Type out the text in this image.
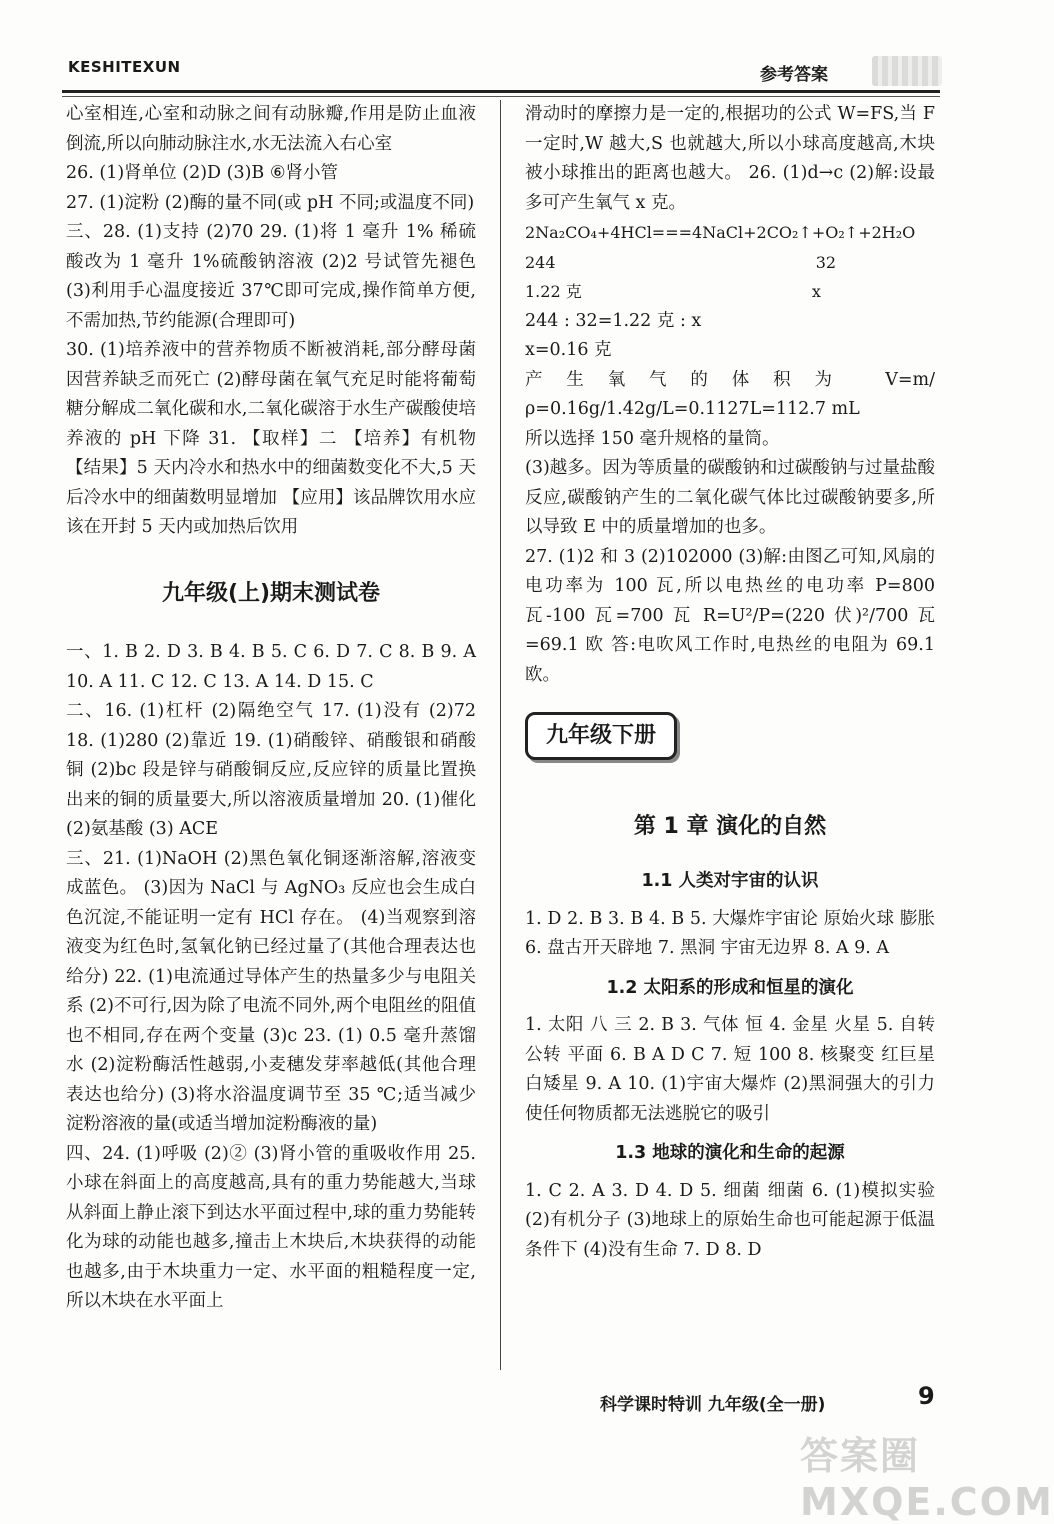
KESHITEXUN	参考答案

心室相连,心室和动脉之间有动脉瓣,作用是防止血液倒流,所以向肺动脉注水,水无法流入右心室

26. (1)肾单位 (2)D (3)B ⑥肾小管

27. (1)淀粉 (2)酶的量不同(或 pH 不同;或温度不同)

三、28. (1)支持 (2)70 29. (1)将 1 毫升 1% 稀硫酸改为 1 毫升 1%硫酸钠溶液 (2)2 号试管先褪色 (3)利用手心温度接近 37℃即可完成,操作简单方便,不需加热,节约能源(合理即可)

30. (1)培养液中的营养物质不断被消耗,部分酵母菌因营养缺乏而死亡 (2)酵母菌在氧气充足时能将葡萄糖分解成二氧化碳和水,二氧化碳溶于水生产碳酸使培养液的 pH 下降 31. 【取样】二 【培养】有机物 【结果】5 天内冷水和热水中的细菌数变化不大,5 天后冷水中的细菌数明显增加 【应用】该品牌饮用水应该在开封 5 天内或加热后饮用

九年级(上)期末测试卷

一、1. B 2. D 3. B 4. B 5. C 6. D 7. C 8. B 9. A 10. A 11. C 12. C 13. A 14. D 15. C

二、16. (1)杠杆 (2)隔绝空气 17. (1)没有 (2)72 18. (1)280 (2)靠近 19. (1)硝酸锌、硝酸银和硝酸铜 (2)bc 段是锌与硝酸铜反应,反应锌的质量比置换出来的铜的质量要大,所以溶液质量增加 20. (1)催化 (2)氨基酸 (3) ACE

三、21. (1)NaOH (2)黑色氧化铜逐渐溶解,溶液变成蓝色。 (3)因为 NaCl 与 AgNO₃ 反应也会生成白色沉淀,不能证明一定有 HCl 存在。 (4)当观察到溶液变为红色时,氢氧化钠已经过量了(其他合理表达也给分) 22. (1)电流通过导体产生的热量多少与电阻关系 (2)不可行,因为除了电流不同外,两个电阻丝的阻值也不相同,存在两个变量 (3)c 23. (1) 0.5 毫升蒸馏水 (2)淀粉酶活性越弱,小麦穗发芽率越低(其他合理表达也给分) (3)将水浴温度调节至 35 ℃;适当减少淀粉溶液的量(或适当增加淀粉酶液的量)

四、24. (1)呼吸 (2)② (3)肾小管的重吸收作用 25. 小球在斜面上的高度越高,具有的重力势能越大,当球从斜面上静止滚下到达水平面过程中,球的重力势能转化为球的动能也越多,撞击上木块后,木块获得的动能也越多,由于木块重力一定、水平面的粗糙程度一定,所以木块在水平面上

滑动时的摩擦力是一定的,根据功的公式 W=FS,当 F 一定时,W 越大,S 也就越大,所以小球高度越高,木块被小球推出的距离也越大。 26. (1)d→c (2)解:设最多可产生氧气 x 克。

2Na₂CO₄+4HCl===4NaCl+2CO₂↑+O₂↑+2H₂O

244	32

1.22 克	x

244 : 32=1.22 克 : x

x=0.16 克

产生氧气的体积为 V=m/ρ=0.16g/1.42g/L=0.1127L=112.7 mL

所以选择 150 毫升规格的量筒。

(3)越多。因为等质量的碳酸钠和过碳酸钠与过量盐酸反应,碳酸钠产生的二氧化碳气体比过碳酸钠要多,所以导致 E 中的质量增加的也多。

27. (1)2 和 3 (2)102000 (3)解:由图乙可知,风扇的电功率为 100 瓦,所以电热丝的电功率 P=800 瓦-100 瓦=700 瓦 R=U²/P=(220 伏)²/700 瓦=69.1 欧 答:电吹风工作时,电热丝的电阻为 69.1 欧。

九年级下册
第 1 章 演化的自然
1.1 人类对宇宙的认识

1. D 2. B 3. B 4. B 5. 大爆炸宇宙论 原始火球 膨胀 6. 盘古开天辟地 7. 黑洞 宇宙无边界 8. A 9. A

1.2 太阳系的形成和恒星的演化

1. 太阳 八 三 2. B 3. 气体 恒 4. 金星 火星 5. 自转 公转 平面 6. B A D C 7. 短 100 8. 核聚变 红巨星 白矮星 9. A 10. (1)宇宙大爆炸 (2)黑洞强大的引力使任何物质都无法逃脱它的吸引

1.3 地球的演化和生命的起源

1. C 2. A 3. D 4. D 5. 细菌 细菌 6. (1)模拟实验 (2)有机分子 (3)地球上的原始生命也可能起源于低温条件下 (4)没有生命 7. D 8. D

科学课时特训 九年级(全一册)	9
答案圈 MXQE.COM
